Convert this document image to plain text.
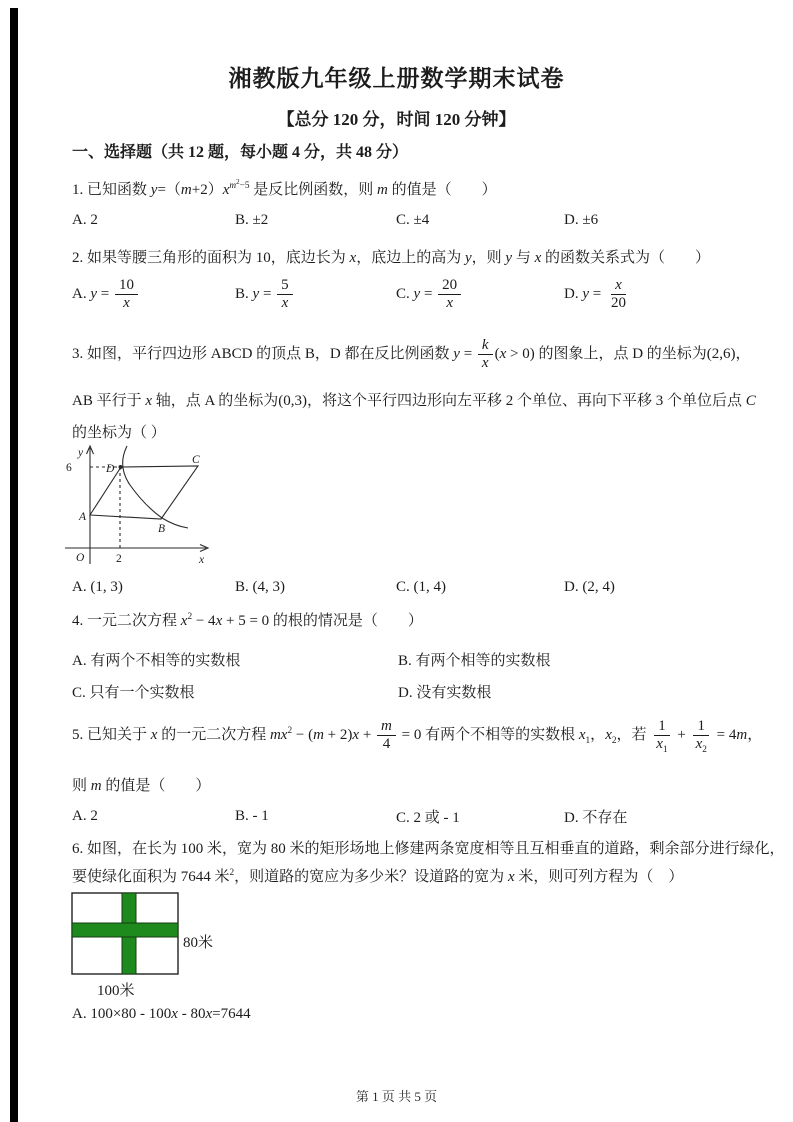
湘教版九年级上册数学期末试卷
【总分 120 分，时间 120 分钟】
一、选择题（共 12 题，每小题 4 分，共 48 分）
1. 已知函数 $y=(m+2)x^{m^2-5}$ 是反比例函数，则 m 的值是（　　）
A. 2	B. ±2	C. ±4	D. ±6
2. 如果等腰三角形的面积为 10，底边长为 x，底边上的高为 y，则 y 与 x 的函数关系式为（　　）
A. $y = \frac{10}{x}$	B. $y = \frac{5}{x}$	C. $y = \frac{20}{x}$	D. $y = \frac{x}{20}$
3. 如图，平行四边形 ABCD 的顶点 B，D 都在反比例函数 $y = \frac{k}{x} (x > 0)$ 的图象上，点 D 的坐标为(2,6)，
AB 平行于 x 轴，点 A 的坐标为(0,3)，将这个平行四边形向左平移 2 个单位、再向下平移 3 个单位后点 C
的坐标为（ ）
y
x
O
A
B
C
D
6
2
A. (1, 3)	B. (4, 3)	C. (1, 4)	D. (2, 4)
4. 一元二次方程 $x^2 - 4x + 5 = 0$ 的根的情况是（　　）
A. 有两个不相等的实数根	B. 有两个相等的实数根
C. 只有一个实数根	D. 没有实数根
5. 已知关于 x 的一元二次方程 $mx^2 - (m + 2)x + \frac{m}{4} = 0$ 有两个不相等的实数根 $x_1$，$x_2$，若 $\frac{1}{x_1} + \frac{1}{x_2} = 4m$，
则 m 的值是（　　）
A. 2	B. - 1	C. 2 或 - 1	D. 不存在
6. 如图，在长为 100 米，宽为 80 米的矩形场地上修建两条宽度相等且互相垂直的道路，剩余部分进行绿化，
要使绿化面积为 7644 米$^2$，则道路的宽应为多少米？设道路的宽为 x 米，则可列方程为（　）
80米
100米
A. 100×80 - 100x - 80x=7644
第 1 页 共 5 页
